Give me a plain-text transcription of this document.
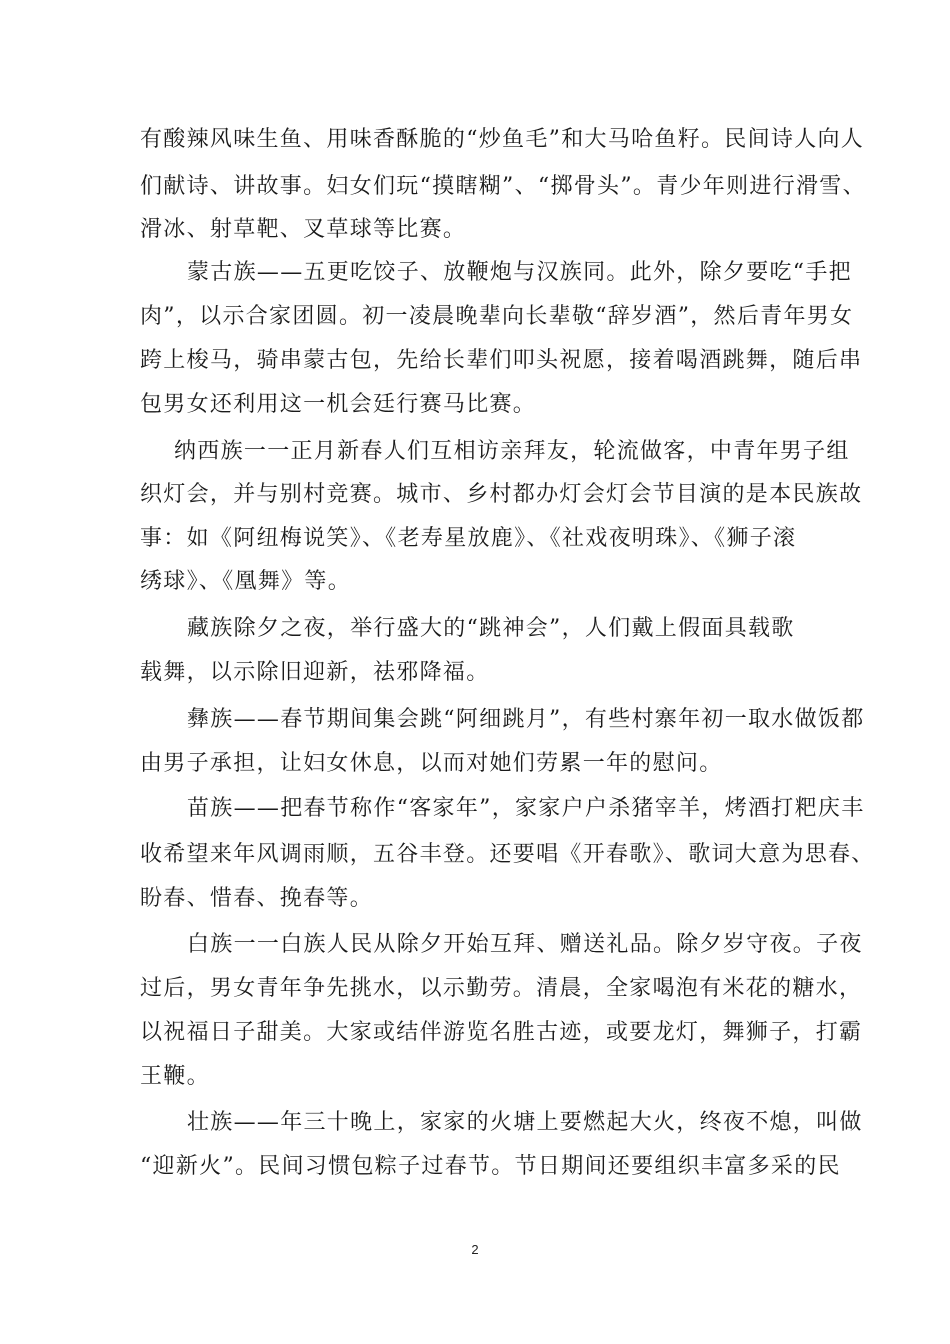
有酸辣风味生鱼、用味香酥脆的“炒鱼毛”和大马哈鱼籽。民间诗人向人
们献诗、讲故事。妇女们玩“摸瞎糊”、“掷骨头”。青少年则进行滑雪、
滑冰、射草靶、叉草球等比赛。
蒙古族——五更吃饺子、放鞭炮与汉族同。此外，除夕要吃“手把
肉”，以示合家团圆。初一凌晨晚辈向长辈敬“辞岁酒”，然后青年男女
跨上梭马，骑串蒙古包，先给长辈们叩头祝愿，接着喝酒跳舞，随后串
包男女还利用这一机会廷行赛马比赛。
纳西族一一正月新春人们互相访亲拜友，轮流做客，中青年男子组
织灯会，并与别村竞赛。城市、乡村都办灯会灯会节目演的是本民族故
事：如《阿纽梅说笑》、《老寿星放鹿》、《社戏夜明珠》、《狮子滚
绣球》、《凰舞》等。
藏族除夕之夜，举行盛大的“跳神会”，人们戴上假面具载歌
载舞，以示除旧迎新，祛邪降福。
彝族——春节期间集会跳“阿细跳月”，有些村寨年初一取水做饭都
由男子承担，让妇女休息，以而对她们劳累一年的慰问。
苗族——把春节称作“客家年”，家家户户杀猪宰羊，烤酒打粑庆丰
收希望来年风调雨顺，五谷丰登。还要唱《开春歌》、歌词大意为思春、
盼春、惜春、挽春等。
白族一一白族人民从除夕开始互拜、赠送礼品。除夕岁守夜。子夜
过后，男女青年争先挑水，以示勤劳。清晨，全家喝泡有米花的糖水，
以祝福日子甜美。大家或结伴游览名胜古迹，或要龙灯，舞狮子，打霸
王鞭。
壮族——年三十晚上，家家的火塘上要燃起大火，终夜不熄，叫做
“迎新火”。民间习惯包粽子过春节。节日期间还要组织丰富多采的民
2
